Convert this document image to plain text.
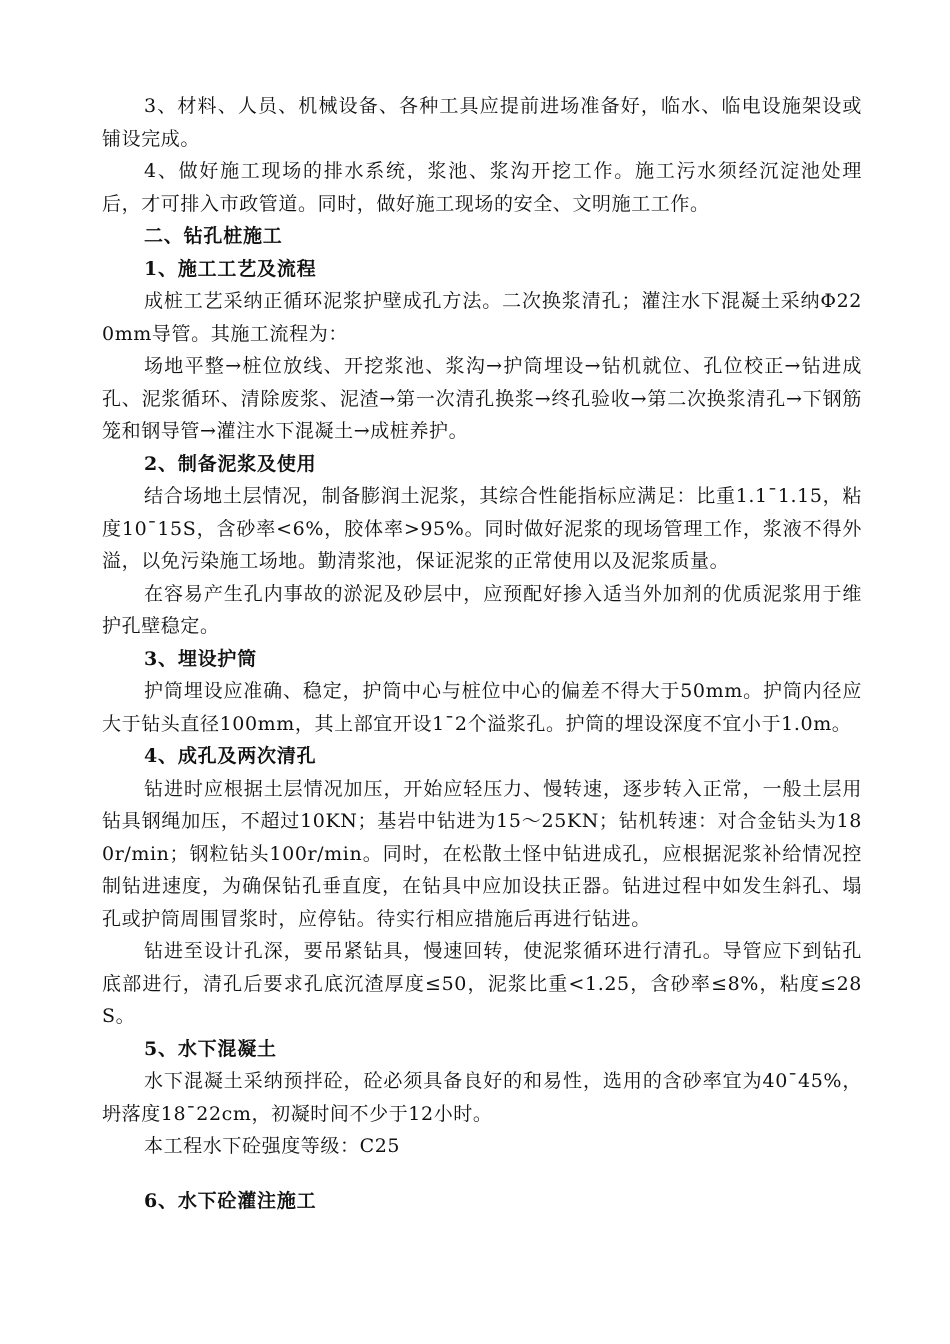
3、材料、人员、机械设备、各种工具应提前进场准备好，临水、临电设施架设或铺设完成。

4、做好施工现场的排水系统，浆池、浆沟开挖工作。施工污水须经沉淀池处理后，才可排入市政管道。同时，做好施工现场的安全、文明施工工作。

二、钻孔桩施工

1、施工工艺及流程

成桩工艺采纳正循环泥浆护壁成孔方法。二次换浆清孔；灌注水下混凝土采纳Φ220mm导管。其施工流程为：

场地平整→桩位放线、开挖浆池、浆沟→护筒埋设→钻机就位、孔位校正→钻进成孔、泥浆循环、清除废浆、泥渣→第一次清孔换浆→终孔验收→第二次换浆清孔→下钢筋笼和钢导管→灌注水下混凝土→成桩养护。

2、制备泥浆及使用

结合场地土层情况，制备膨润土泥浆，其综合性能指标应满足：比重1.1¯1.15，粘度10¯15S，含砂率<6%，胶体率>95%。同时做好泥浆的现场管理工作，浆液不得外溢，以免污染施工场地。勤清浆池，保证泥浆的正常使用以及泥浆质量。

在容易产生孔内事故的淤泥及砂层中，应预配好掺入适当外加剂的优质泥浆用于维护孔壁稳定。

3、埋设护筒

护筒埋设应准确、稳定，护筒中心与桩位中心的偏差不得大于50mm。护筒内径应大于钻头直径100mm，其上部宜开设1¯2个溢浆孔。护筒的埋设深度不宜小于1.0m。

4、成孔及两次清孔

钻进时应根据土层情况加压，开始应轻压力、慢转速，逐步转入正常，一般土层用钻具钢绳加压，不超过10KN；基岩中钻进为15～25KN；钻机转速：对合金钻头为180r/min；钢粒钻头100r/min。同时，在松散土怪中钻进成孔，应根据泥浆补给情况控制钻进速度，为确保钻孔垂直度，在钻具中应加设扶正器。钻进过程中如发生斜孔、塌孔或护筒周围冒浆时，应停钻。待实行相应措施后再进行钻进。

钻进至设计孔深，要吊紧钻具，慢速回转，使泥浆循环进行清孔。导管应下到钻孔底部进行，清孔后要求孔底沉渣厚度≤50，泥浆比重<1.25，含砂率≤8%，粘度≤28S。

5、水下混凝土

水下混凝土采纳预拌砼，砼必须具备良好的和易性，选用的含砂率宜为40¯45%，坍落度18¯22cm，初凝时间不少于12小时。

本工程水下砼强度等级：C25

6、水下砼灌注施工
